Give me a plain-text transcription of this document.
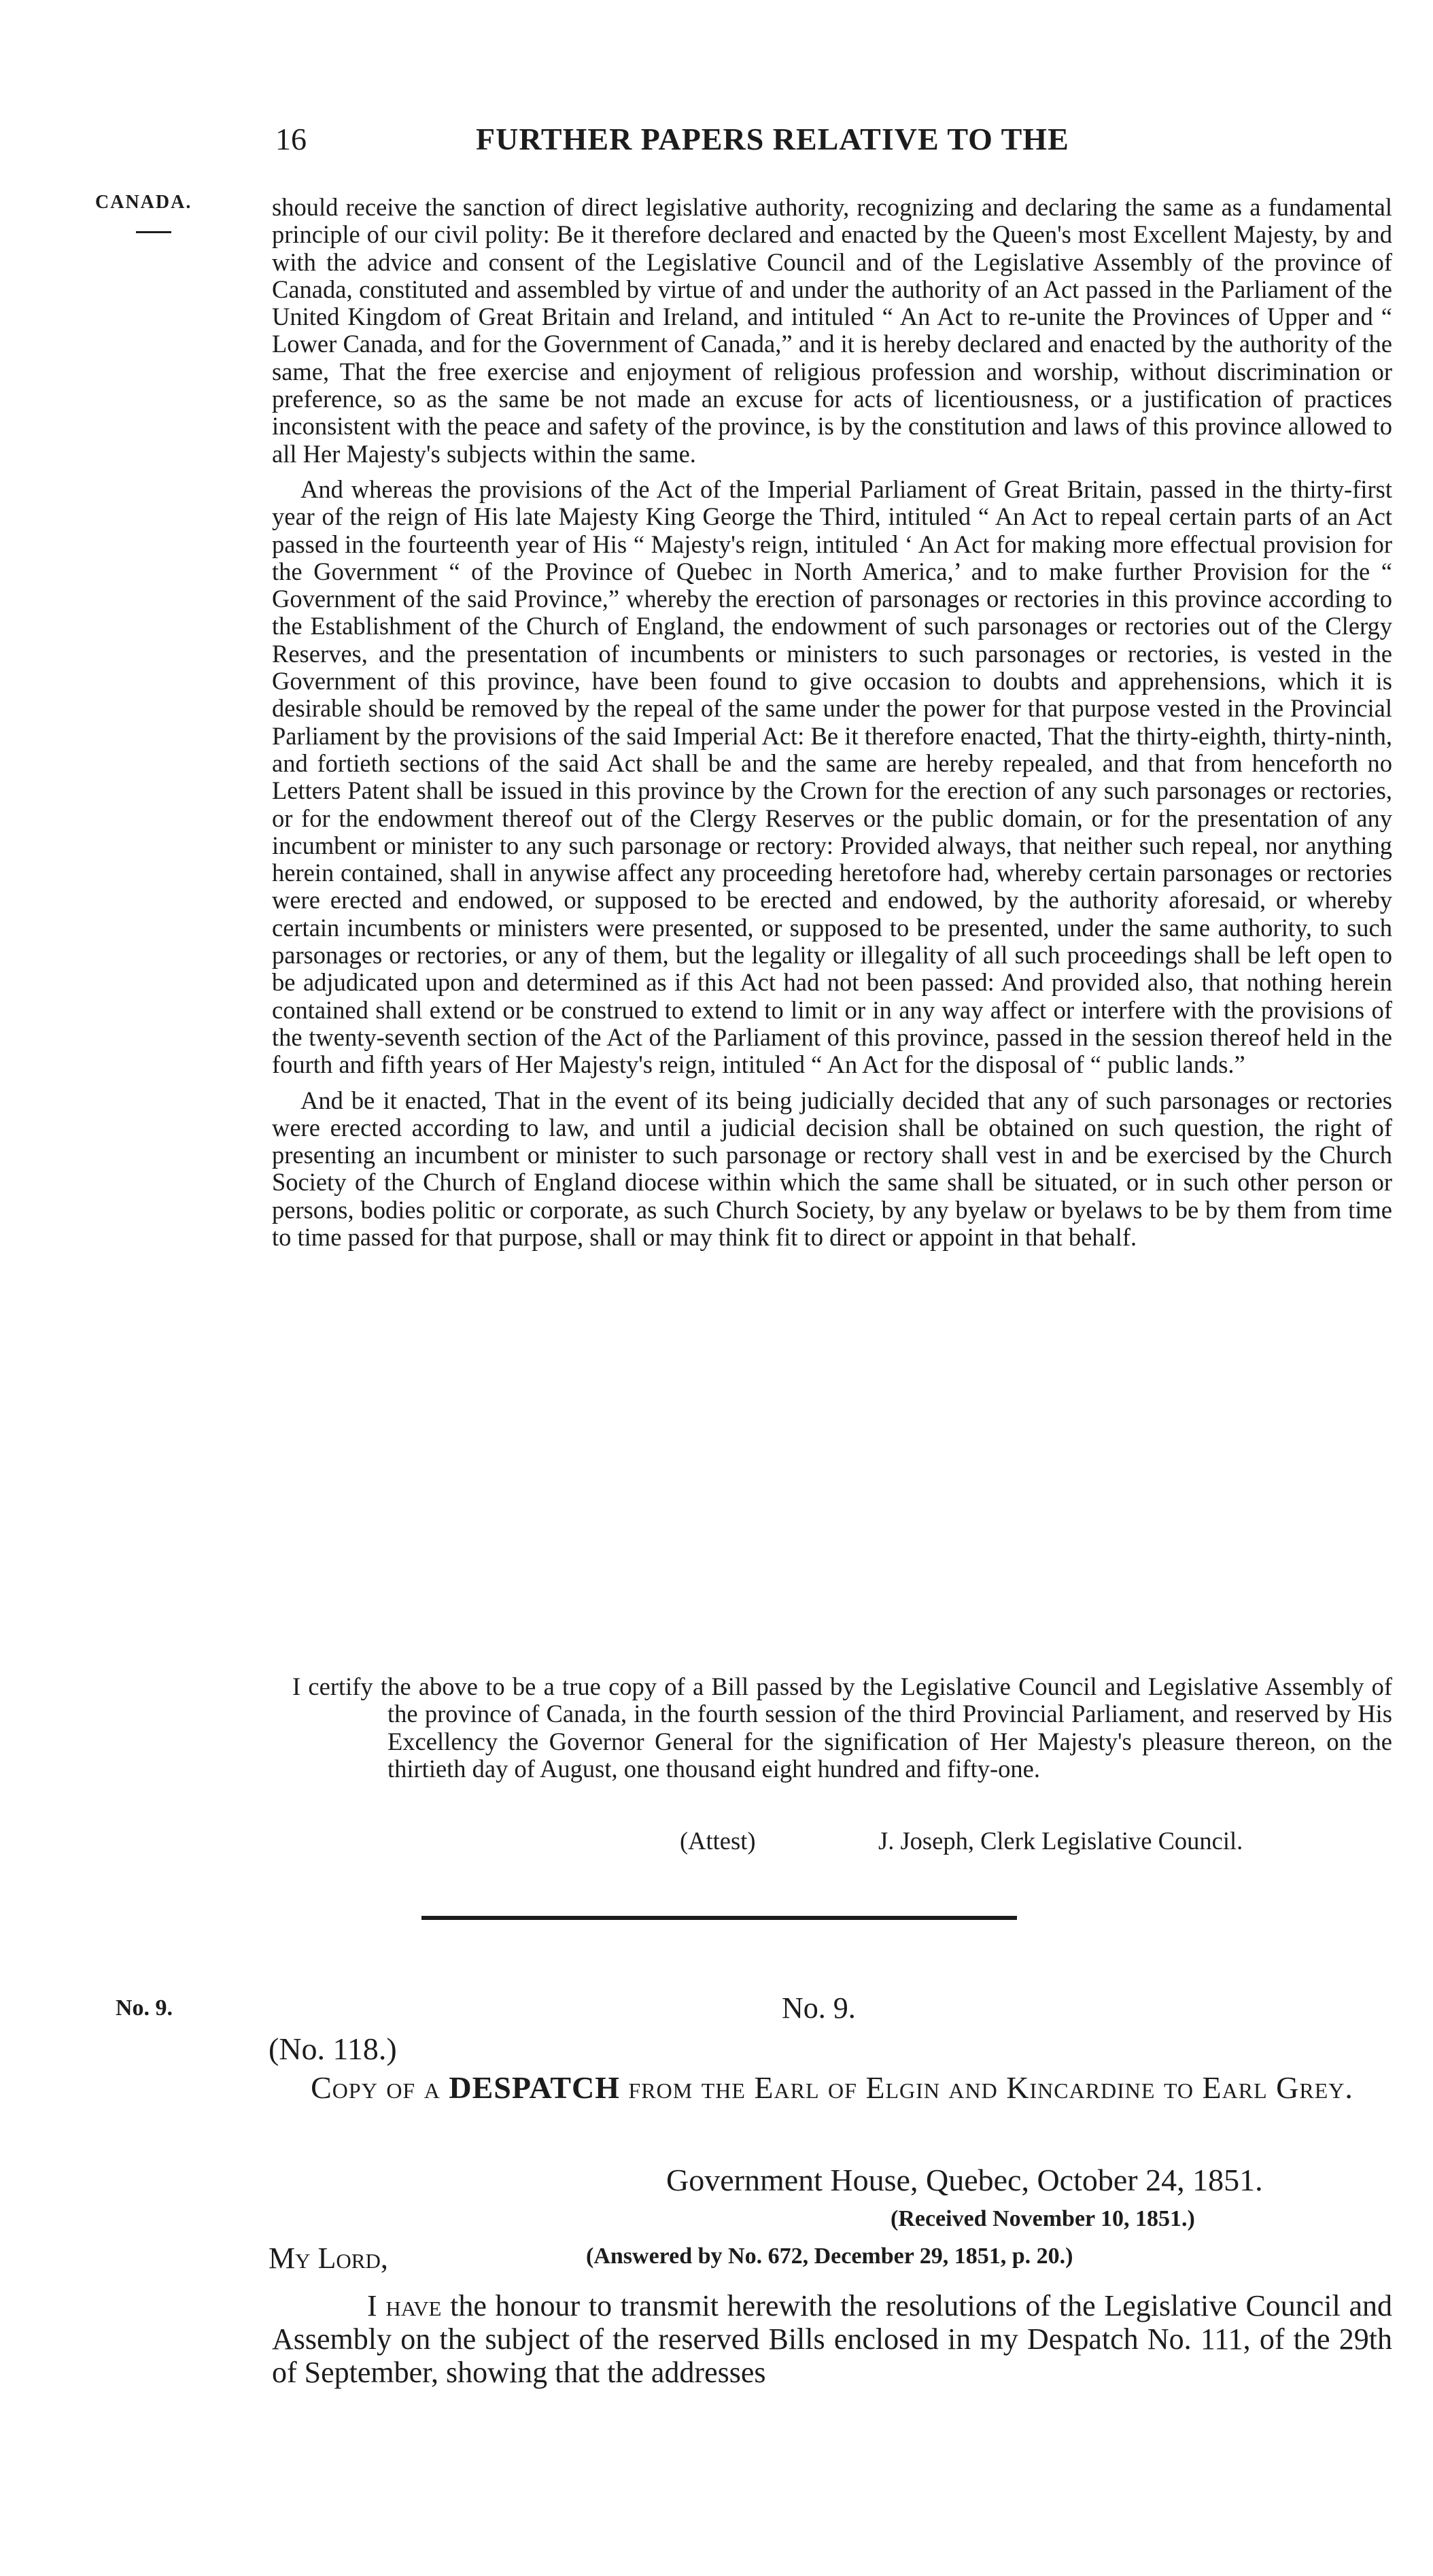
16	FURTHER PAPERS RELATIVE TO THE
CANADA.	should receive the sanction of direct legislative authority, recognizing and declaring the same as a fundamental principle of our civil polity: Be it therefore declared and enacted by the Queen's most Excellent Majesty, by and with the advice and consent of the Legislative Council and of the Legislative Assembly of the province of Canada, constituted and assembled by virtue of and under the authority of an Act passed in the Parliament of the United Kingdom of Great Britain and Ireland, and intituled “ An Act to re-unite the Provinces of Upper and “ Lower Canada, and for the Government of Canada,” and it is hereby declared and enacted by the authority of the same, That the free exercise and enjoyment of religious profession and worship, without discrimination or preference, so as the same be not made an excuse for acts of licentiousness, or a justification of practices inconsistent with the peace and safety of the province, is by the constitution and laws of this province allowed to all Her Majesty's subjects within the same.

And whereas the provisions of the Act of the Imperial Parliament of Great Britain, passed in the thirty-first year of the reign of His late Majesty King George the Third, intituled “ An Act to repeal certain parts of an Act passed in the fourteenth year of His “ Majesty's reign, intituled ‘ An Act for making more effectual provision for the Government “ of the Province of Quebec in North America,’ and to make further Provision for the “ Government of the said Province,” whereby the erection of parsonages or rectories in this province according to the Establishment of the Church of England, the endowment of such parsonages or rectories out of the Clergy Reserves, and the presentation of incumbents or ministers to such parsonages or rectories, is vested in the Government of this province, have been found to give occasion to doubts and apprehensions, which it is desirable should be removed by the repeal of the same under the power for that purpose vested in the Provincial Parliament by the provisions of the said Imperial Act: Be it therefore enacted, That the thirty-eighth, thirty-ninth, and fortieth sections of the said Act shall be and the same are hereby repealed, and that from henceforth no Letters Patent shall be issued in this province by the Crown for the erection of any such parsonages or rectories, or for the endowment thereof out of the Clergy Reserves or the public domain, or for the presentation of any incumbent or minister to any such parsonage or rectory: Provided always, that neither such repeal, nor anything herein contained, shall in anywise affect any proceeding heretofore had, whereby certain parsonages or rectories were erected and endowed, or supposed to be erected and endowed, by the authority aforesaid, or whereby certain incumbents or ministers were presented, or supposed to be presented, under the same authority, to such parsonages or rectories, or any of them, but the legality or illegality of all such proceedings shall be left open to be adjudicated upon and determined as if this Act had not been passed: And provided also, that nothing herein contained shall extend or be construed to extend to limit or in any way affect or interfere with the provisions of the twenty-seventh section of the Act of the Parliament of this province, passed in the session thereof held in the fourth and fifth years of Her Majesty's reign, intituled “ An Act for the disposal of “ public lands.”

And be it enacted, That in the event of its being judicially decided that any of such parsonages or rectories were erected according to law, and until a judicial decision shall be obtained on such question, the right of presenting an incumbent or minister to such parsonage or rectory shall vest in and be exercised by the Church Society of the Church of England diocese within which the same shall be situated, or in such other person or persons, bodies politic or corporate, as such Church Society, by any byelaw or byelaws to be by them from time to time passed for that purpose, shall or may think fit to direct or appoint in that behalf.

I certify the above to be a true copy of a Bill passed by the Legislative Council and Legislative Assembly of the province of Canada, in the fourth session of the third Provincial Parliament, and reserved by His Excellency the Governor General for the signification of Her Majesty's pleasure thereon, on the thirtieth day of August, one thousand eight hundred and fifty-one.

(Attest)	J. Joseph, Clerk Legislative Council.
No. 9.	No. 9.
(No. 118.)
Copy of a DESPATCH from the Earl of Elgin and Kincardine to Earl Grey.
Government House, Quebec, October 24, 1851.
(Received November 10, 1851.)
My Lord,	(Answered by No. 672, December 29, 1851, p. 20.)

I have the honour to transmit herewith the resolutions of the Legislative Council and Assembly on the subject of the reserved Bills enclosed in my Despatch No. 111, of the 29th of September, showing that the addresses
